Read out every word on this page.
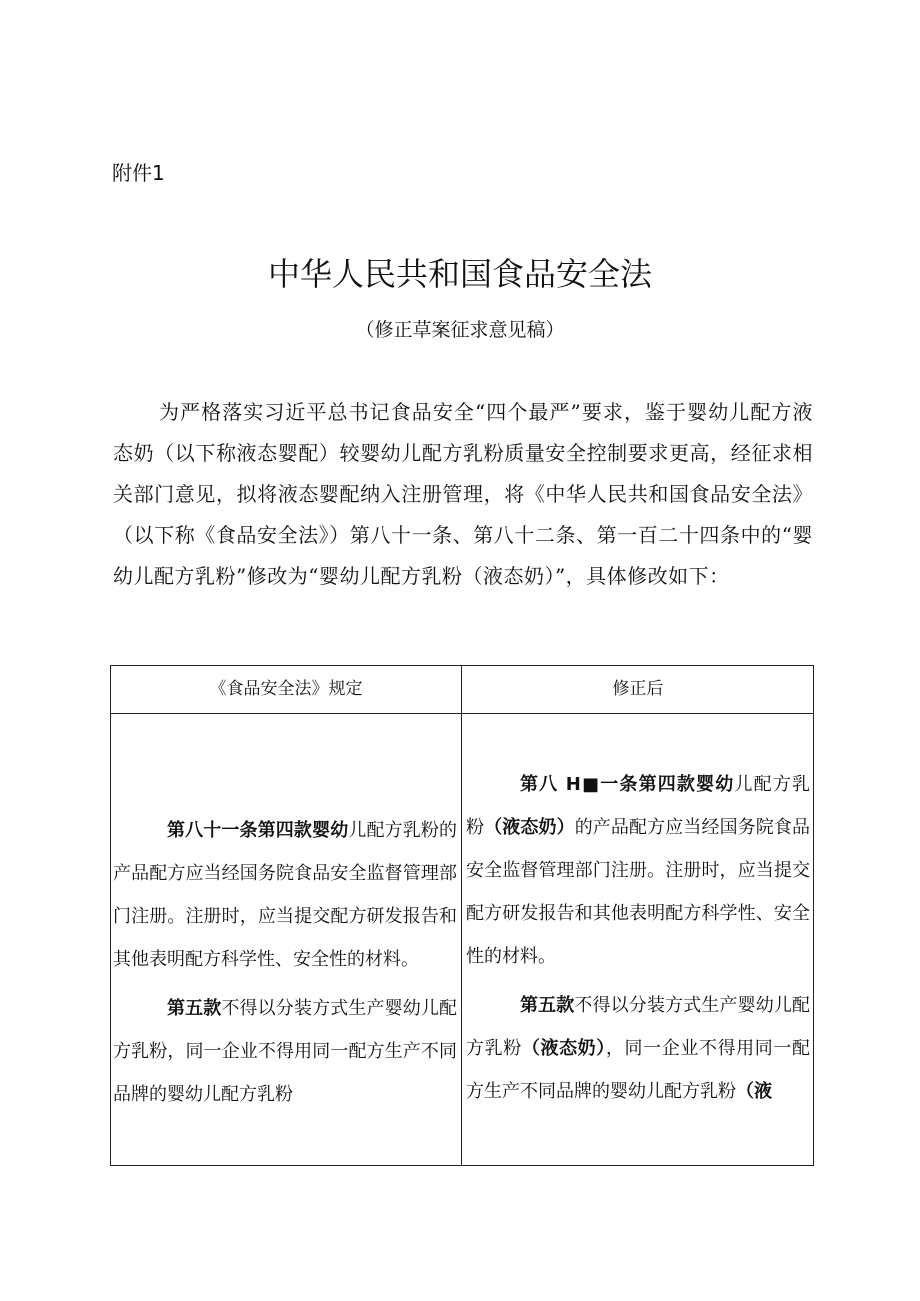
附件1
中华人民共和国食品安全法
（修正草案征求意见稿）

为严格落实习近平总书记食品安全“四个最严”要求，鉴于婴幼儿配方液态奶（以下称液态婴配）较婴幼儿配方乳粉质量安全控制要求更高，经征求相关部门意见，拟将液态婴配纳入注册管理，将《中华人民共和国食品安全法》（以下称《食品安全法》）第八十一条、第八十二条、第一百二十四条中的“婴幼儿配方乳粉”修改为“婴幼儿配方乳粉（液态奶）”，具体修改如下：

《食品安全法》规定	修正后

第八十一条第四款婴幼儿配方乳粉的产品配方应当经国务院食品安全监督管理部门注册。注册时，应当提交配方研发报告和其他表明配方科学性、安全性的材料。

第五款不得以分装方式生产婴幼儿配方乳粉，同一企业不得用同一配方生产不同品牌的婴幼儿配方乳粉

第八 H■一条第四款婴幼儿配方乳粉（液态奶）的产品配方应当经国务院食品安全监督管理部门注册。注册时，应当提交配方研发报告和其他表明配方科学性、安全性的材料。

第五款不得以分装方式生产婴幼儿配方乳粉（液态奶），同一企业不得用同一配方生产不同品牌的婴幼儿配方乳粉（液
